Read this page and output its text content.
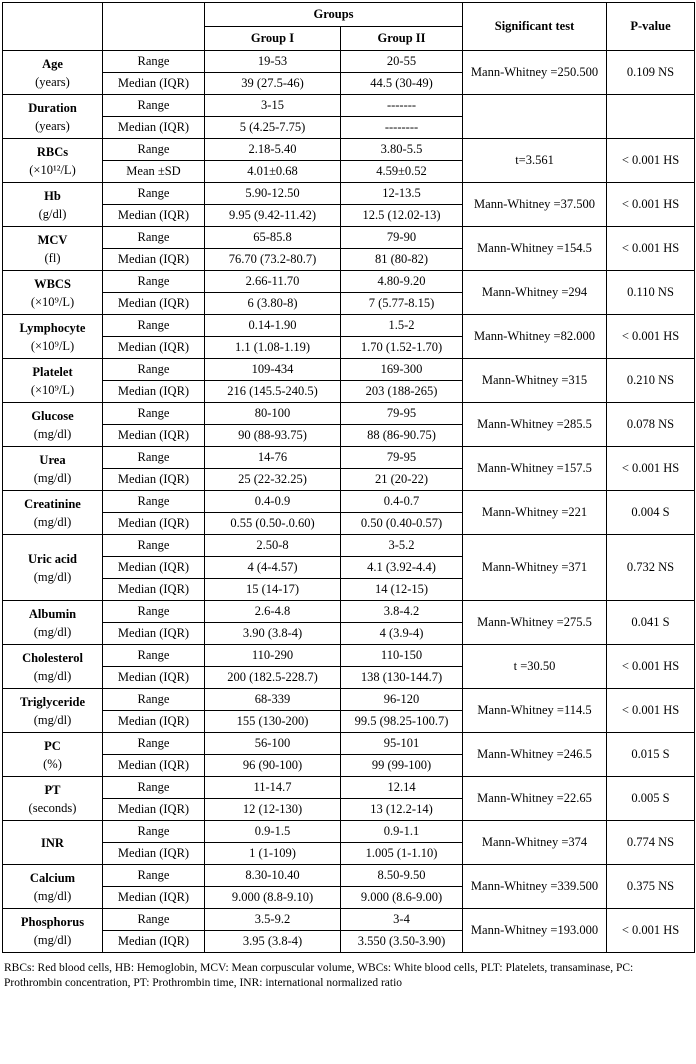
		Groups		Significant test	P-value
		Group I	Group II		
Age
(years)	Range	19-53	20-55	Mann-Whitney =250.500	0.109 NS
	Median (IQR)	39 (27.5-46)	44.5 (30-49)		
Duration
(years)	Range	3-15	-------		
	Median (IQR)	5 (4.25-7.75)	--------		
RBCs
(×10¹²/L)	Range	2.18-5.40	3.80-5.5	t=3.561	< 0.001 HS
	Mean ±SD	4.01±0.68	4.59±0.52		
Hb
(g/dl)	Range	5.90-12.50	12-13.5	Mann-Whitney =37.500	< 0.001 HS
	Median (IQR)	9.95 (9.42-11.42)	12.5 (12.02-13)		
MCV
(fl)	Range	65-85.8	79-90	Mann-Whitney =154.5	< 0.001 HS
	Median (IQR)	76.70 (73.2-80.7)	81 (80-82)		
WBCS
(×10⁹/L)	Range	2.66-11.70	4.80-9.20	Mann-Whitney =294	0.110 NS
	Median (IQR)	6 (3.80-8)	7 (5.77-8.15)		
Lymphocyte
(×10⁹/L)	Range	0.14-1.90	1.5-2	Mann-Whitney =82.000	< 0.001 HS
	Median (IQR)	1.1 (1.08-1.19)	1.70 (1.52-1.70)		
Platelet
(×10⁹/L)	Range	109-434	169-300	Mann-Whitney =315	0.210 NS
	Median (IQR)	216 (145.5-240.5)	203 (188-265)		
Glucose
(mg/dl)	Range	80-100	79-95	Mann-Whitney =285.5	0.078 NS
	Median (IQR)	90 (88-93.75)	88 (86-90.75)		
Urea
(mg/dl)	Range	14-76	79-95	Mann-Whitney =157.5	< 0.001 HS
	Median (IQR)	25 (22-32.25)	21 (20-22)		
Creatinine
(mg/dl)	Range	0.4-0.9	0.4-0.7	Mann-Whitney =221	0.004 S
	Median (IQR)	0.55 (0.50-.0.60)	0.50 (0.40-0.57)		
Uric acid
(mg/dl)	Range	2.50-8	3-5.2	Mann-Whitney =371	0.732 NS
	Median (IQR)	4 (4-4.57)	4.1 (3.92-4.4)		
	Median (IQR)	15 (14-17)	14 (12-15)		
Albumin
(mg/dl)	Range	2.6-4.8	3.8-4.2	Mann-Whitney =275.5	0.041 S
	Median (IQR)	3.90 (3.8-4)	4 (3.9-4)		
Cholesterol
(mg/dl)	Range	110-290	110-150	t =30.50	< 0.001 HS
	Median (IQR)	200 (182.5-228.7)	138 (130-144.7)		
Triglyceride
(mg/dl)	Range	68-339	96-120	Mann-Whitney =114.5	< 0.001 HS
	Median (IQR)	155 (130-200)	99.5 (98.25-100.7)		
PC
(%)	Range	56-100	95-101	Mann-Whitney =246.5	0.015 S
	Median (IQR)	96 (90-100)	99 (99-100)		
PT
(seconds)	Range	11-14.7	12.14	Mann-Whitney =22.65	0.005 S
	Median (IQR)	12 (12-130)	13 (12.2-14)		
INR	Range	0.9-1.5	0.9-1.1	Mann-Whitney =374	0.774 NS
	Median (IQR)	1 (1-109)	1.005 (1-1.10)		
Calcium
(mg/dl)	Range	8.30-10.40	8.50-9.50	Mann-Whitney =339.500	0.375 NS
	Median (IQR)	9.000 (8.8-9.10)	9.000 (8.6-9.00)		
Phosphorus
(mg/dl)	Range	3.5-9.2	3-4	Mann-Whitney =193.000	< 0.001 HS
	Median (IQR)	3.95 (3.8-4)	3.550 (3.50-3.90)		
RBCs: Red blood cells, HB: Hemoglobin, MCV: Mean corpuscular volume, WBCs: White blood cells, PLT: Platelets, transaminase, PC: Prothrombin concentration, PT: Prothrombin time, INR: international normalized ratio
